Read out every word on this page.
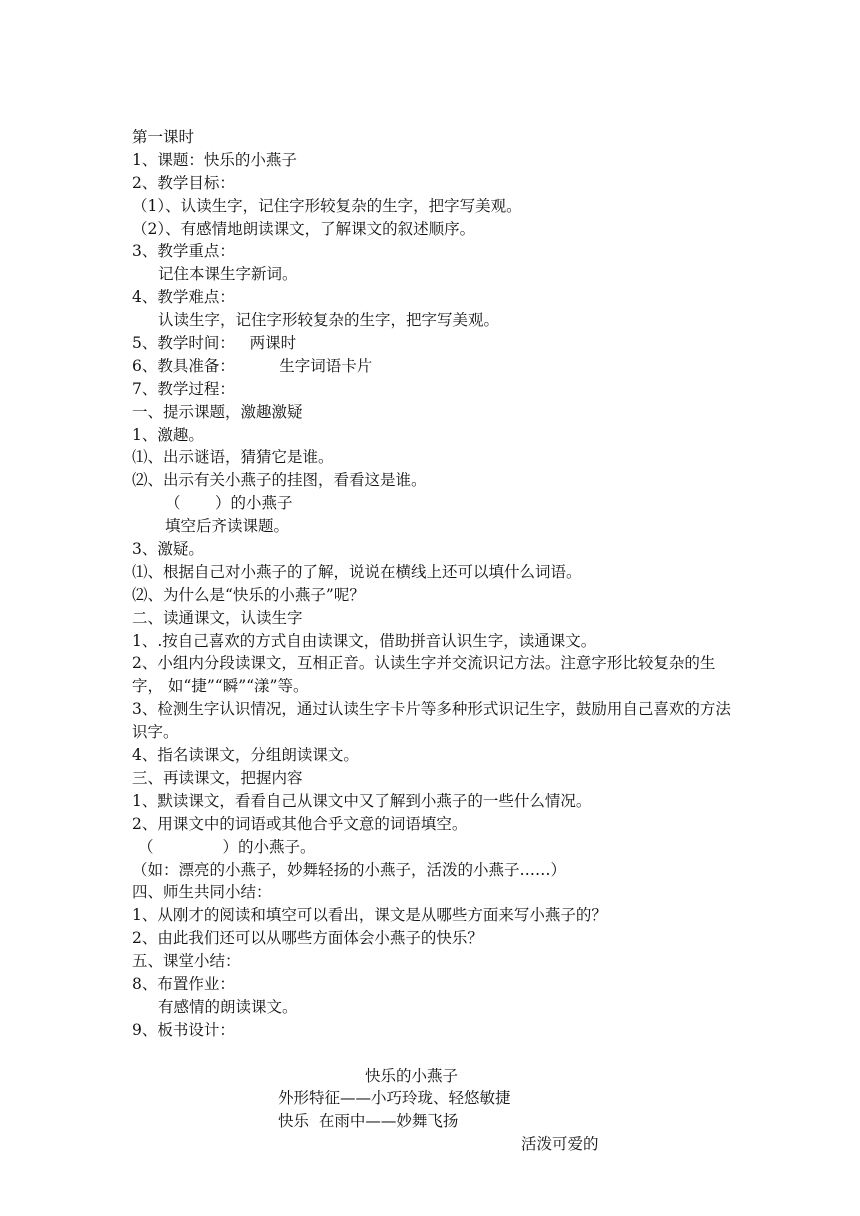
第一课时
1、课题：快乐的小燕子
2、教学目标：
（1）、认读生字，记住字形较复杂的生字，把字写美观。
（2）、有感情地朗读课文，了解课文的叙述顺序。
3、教学重点：
记住本课生字新词。
4、教学难点：
认读生字，记住字形较复杂的生字，把字写美观。
5、教学时间：   两课时
6、教具准备：         生字词语卡片
7、教学过程：
一、提示课题，激趣激疑
1、激趣。
⑴、出示谜语，猜猜它是谁。
⑵、出示有关小燕子的挂图，看看这是谁。
（       ）的小燕子
填空后齐读课题。
3、激疑。
⑴、根据自己对小燕子的了解，说说在横线上还可以填什么词语。
⑵、为什么是“快乐的小燕子”呢？
二、读通课文，认读生字
1、.按自己喜欢的方式自由读课文，借助拼音认识生字，读通课文。
2、小组内分段读课文，互相正音。认读生字并交流识记方法。注意字形比较复杂的生字， 如“捷”“瞬”“漾”等。
3、检测生字认识情况，通过认读生字卡片等多种形式识记生字，鼓励用自己喜欢的方法识字。
4、指名读课文，分组朗读课文。
三、再读课文，把握内容
1、默读课文，看看自己从课文中又了解到小燕子的一些什么情况。
2、用课文中的词语或其他合乎文意的词语填空。
（              ）的小燕子。
（如：漂亮的小燕子，妙舞轻扬的小燕子，活泼的小燕子……）
四、师生共同小结：
1、从刚才的阅读和填空可以看出，课文是从哪些方面来写小燕子的？
2、由此我们还可以从哪些方面体会小燕子的快乐？
五、课堂小结：
8、布置作业：
有感情的朗读课文。
9、板书设计：

快乐的小燕子

外形特征——小巧玲珑、轻悠敏捷

快乐  在雨中——妙舞飞扬

活泼可爱的
